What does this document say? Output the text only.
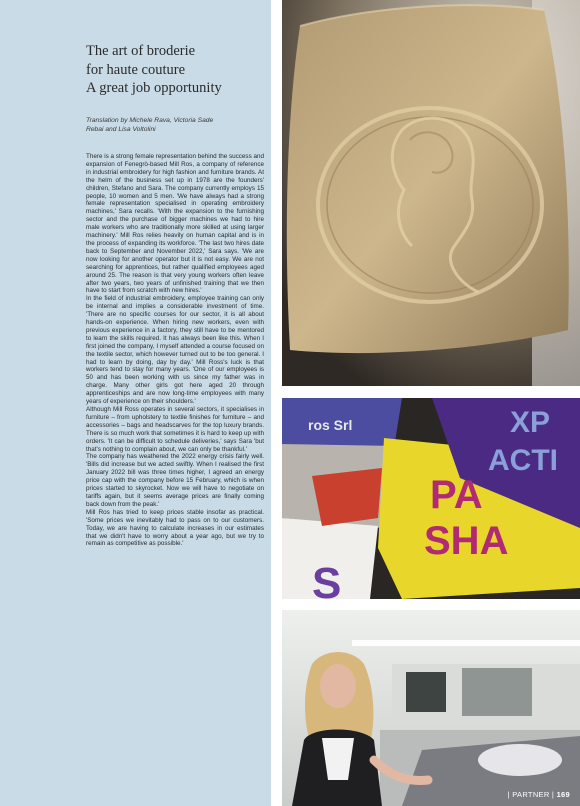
The art of broderie
for haute couture
A great job opportunity

Translation by Michele Rava, Victoria Sade
Rebai and Lisa Voltolini

There is a strong female representation behind the success and expansion of Fenegrò-based Mill Ros, a company of reference in industrial embroidery for high fashion and furniture brands. At the helm of the business set up in 1978 are the founders' children, Stefano and Sara. The company currently employs 15 people, 10 women and 5 men. 'We have always had a strong female representation specialised in operating embroidery machines,' Sara recalls. 'With the expansion to the furnishing sector and the purchase of bigger machines we had to hire male workers who are traditionally more skilled at using larger machinery.' Mill Ros relies heavily on human capital and is in the process of expanding its workforce. 'The last two hires date back to September and November 2022,' Sara says. 'We are now looking for another operator but it is not easy. We are not searching for apprentices, but rather qualified employees aged around 25. The reason is that very young workers often leave after two years, two years of unfinished training that we then have to start from scratch with new hires.'

In the field of industrial embroidery, employee training can only be internal and implies a considerable investment of time. 'There are no specific courses for our sector, it is all about hands-on experience. When hiring new workers, even with previous experience in a factory, they still have to be mentored to learn the skills required. It has always been like this. When I first joined the company, I myself attended a course focused on the textile sector, which however turned out to be too general. I had to learn by doing, day by day.' Mill Ross's luck is that workers tend to stay for many years. 'One of our employees is 50 and has been working with us since my father was in charge. Many other girls got here aged 20 through apprenticeships and are now long-time employees with many years of experience on their shoulders.'

Although Mill Ross operates in several sectors, it specialises in furniture – from upholstery to textile finishes for furniture – and accessories – bags and headscarves for the top luxury brands. There is so much work that sometimes it is hard to keep up with orders. 'It can be difficult to schedule deliveries,' says Sara 'but that's nothing to complain about, we can only be thankful.'

The company has weathered the 2022 energy crisis fairly well. 'Bills did increase but we acted swiftly. When I realised the first January 2022 bill was three times higher, I agreed an energy price cap with the company before 15 February, which is when prices started to skyrocket. Now we will have to negotiate on tariffs again, but it seems average prices are finally coming back down from the peak.'

Mill Ros has tried to keep prices stable insofar as practical. 'Some prices we inevitably had to pass on to our customers. Today, we are having to calculate increases in our estimates that we didn't have to worry about a year ago, but we try to remain as competitive as possible.'

ros Srl	XP
ACTI
PA
SHA
S
| PARTNER | 169
